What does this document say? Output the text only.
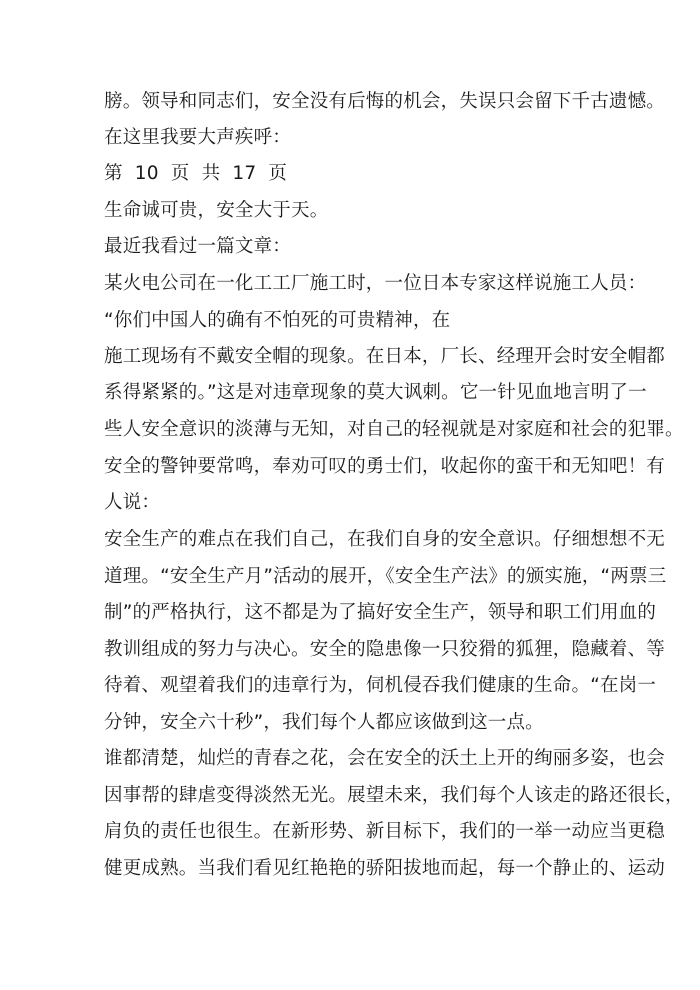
膀。领导和同志们，安全没有后悔的机会，失误只会留下千古遗憾。
在这里我要大声疾呼：
第 10 页 共 17 页
生命诚可贵，安全大于天。
最近我看过一篇文章：
某火电公司在一化工工厂施工时，一位日本专家这样说施工人员：
“你们中国人的确有不怕死的可贵精神，在
施工现场有不戴安全帽的现象。在日本，厂长、经理开会时安全帽都
系得紧紧的。”这是对违章现象的莫大讽刺。它一针见血地言明了一
些人安全意识的淡薄与无知，对自己的轻视就是对家庭和社会的犯罪。
安全的警钟要常鸣，奉劝可叹的勇士们，收起你的蛮干和无知吧！有
人说：
安全生产的难点在我们自己，在我们自身的安全意识。仔细想想不无
道理。“安全生产月”活动的展开，《安全生产法》的颁实施，“两票三
制”的严格执行，这不都是为了搞好安全生产，领导和职工们用血的
教训组成的努力与决心。安全的隐患像一只狡猾的狐狸，隐藏着、等
待着、观望着我们的违章行为，伺机侵吞我们健康的生命。“在岗一
分钟，安全六十秒”，我们每个人都应该做到这一点。
谁都清楚，灿烂的青春之花，会在安全的沃土上开的绚丽多姿，也会
因事帮的肆虐变得淡然无光。展望未来，我们每个人该走的路还很长，
肩负的责任也很生。在新形势、新目标下，我们的一举一动应当更稳
健更成熟。当我们看见红艳艳的骄阳拔地而起，每一个静止的、运动
